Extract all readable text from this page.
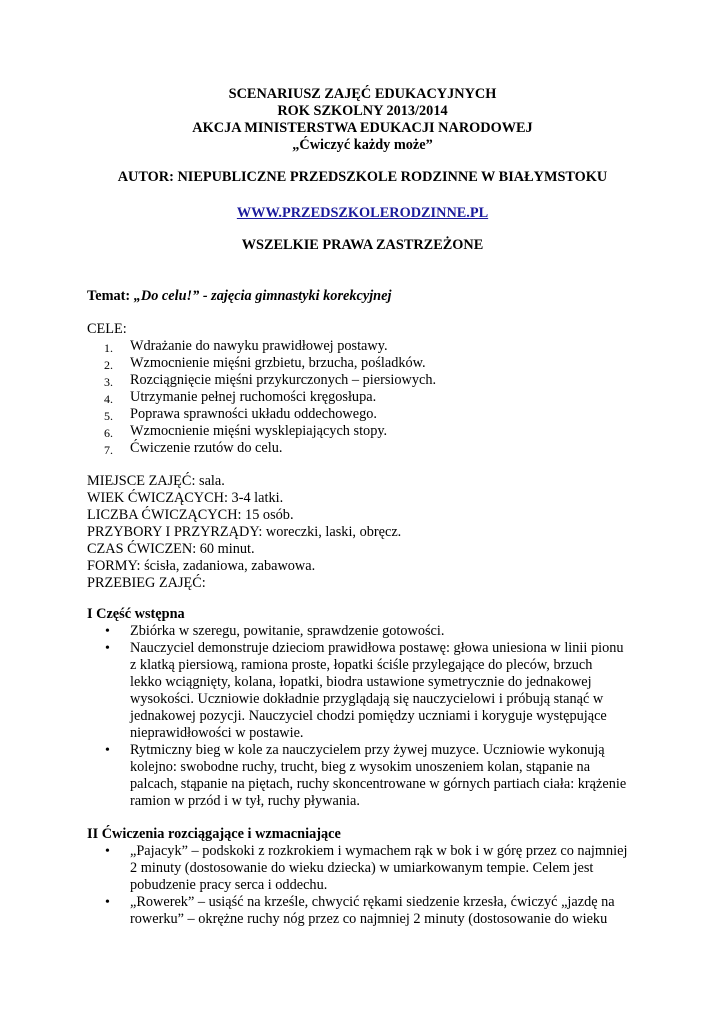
SCENARIUSZ ZAJĘĆ EDUKACYJNYCH
ROK SZKOLNY 2013/2014
AKCJA MINISTERSTWA EDUKACJI NARODOWEJ
„Ćwiczyć każdy może”
AUTOR: NIEPUBLICZNE PRZEDSZKOLE RODZINNE W BIAŁYMSTOKU
WWW.PRZEDSZKOLERODZINNE.PL
WSZELKIE PRAWA ZASTRZEŻONE
Temat: „Do celu!” - zajęcia gimnastyki korekcyjnej
CELE:
1. Wdrażanie do nawyku prawidłowej postawy.
2. Wzmocnienie mięśni grzbietu, brzucha, pośladków.
3. Rozciągnięcie mięśni przykurczonych – piersiowych.
4. Utrzymanie pełnej ruchomości kręgosłupa.
5. Poprawa sprawności układu oddechowego.
6. Wzmocnienie mięśni wysklepiających stopy.
7. Ćwiczenie rzutów do celu.
MIEJSCE ZAJĘĆ: sala.
WIEK ĆWICZĄCYCH: 3-4 latki.
LICZBA ĆWICZĄCYCH: 15 osób.
PRZYBORY I PRZYRZĄDY: woreczki, laski, obręcz.
CZAS ĆWICZEN: 60 minut.
FORMY: ścisła, zadaniowa, zabawowa.
PRZEBIEG ZAJĘĆ:
I Część wstępna
• Zbiórka w szeregu, powitanie, sprawdzenie gotowości.
• Nauczyciel demonstruje dzieciom prawidłowa postawę: głowa uniesiona w linii pionu
z klatką piersiową, ramiona proste, łopatki ściśle przylegające do pleców, brzuch
lekko wciągnięty, kolana, łopatki, biodra ustawione symetrycznie do jednakowej
wysokości. Uczniowie dokładnie przyglądają się nauczycielowi i próbują stanąć w
jednakowej pozycji. Nauczyciel chodzi pomiędzy uczniami i koryguje występujące
nieprawidłowości w postawie.
• Rytmiczny bieg w kole za nauczycielem przy żywej muzyce. Uczniowie wykonują
kolejno: swobodne ruchy, trucht, bieg z wysokim unoszeniem kolan, stąpanie na
palcach, stąpanie na piętach, ruchy skoncentrowane w górnych partiach ciała: krążenie
ramion w przód i w tył, ruchy pływania.
II Ćwiczenia rozciągające i wzmacniające
• „Pajacyk” – podskoki z rozkrokiem i wymachem rąk w bok i w górę przez co najmniej
2 minuty (dostosowanie do wieku dziecka) w umiarkowanym tempie. Celem jest
pobudzenie pracy serca i oddechu.
• „Rowerek” – usiąść na krześle, chwycić rękami siedzenie krzesła, ćwiczyć „jazdę na
rowerku” – okrężne ruchy nóg przez co najmniej 2 minuty (dostosowanie do wieku
